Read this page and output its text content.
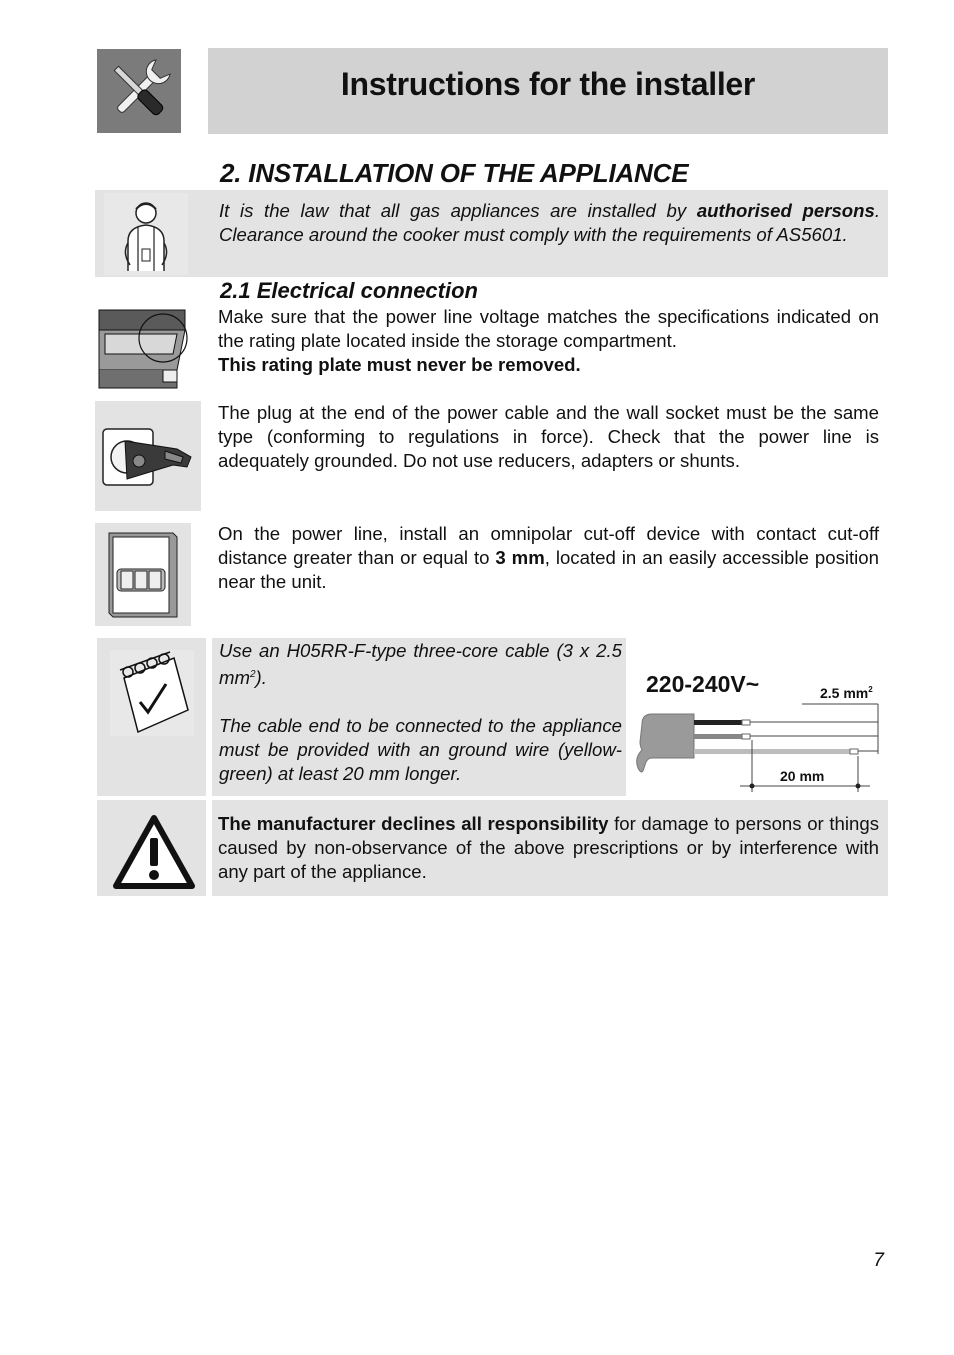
Instructions for the installer
2. INSTALLATION OF THE APPLIANCE
It is the law that all gas appliances are installed by authorised persons. Clearance around the cooker must comply with the requirements of AS5601.
2.1 Electrical connection

Make sure that the power line voltage matches the specifications indicated on the rating plate located inside the storage compartment.

This rating plate must never be removed.

The plug at the end of the power cable and the wall socket must be the same type (conforming to regulations in force). Check that the power line is adequately grounded. Do not use reducers, adapters or shunts.
On the power line, install an omnipolar cut-off device with contact cut-off distance greater than or equal to 3 mm, located in an easily accessible position near the unit.

Use an H05RR-F-type three-core cable (3 x 2.5 $mm^2$).

The cable end to be connected to the appliance must be provided with an ground wire (yellow-green) at least 20 mm longer.

220-240V~	2.5 $mm^2$
20 mm
The manufacturer declines all responsibility for damage to persons or things caused by non-observance of the above prescriptions or by interference with any part of the appliance.
7
